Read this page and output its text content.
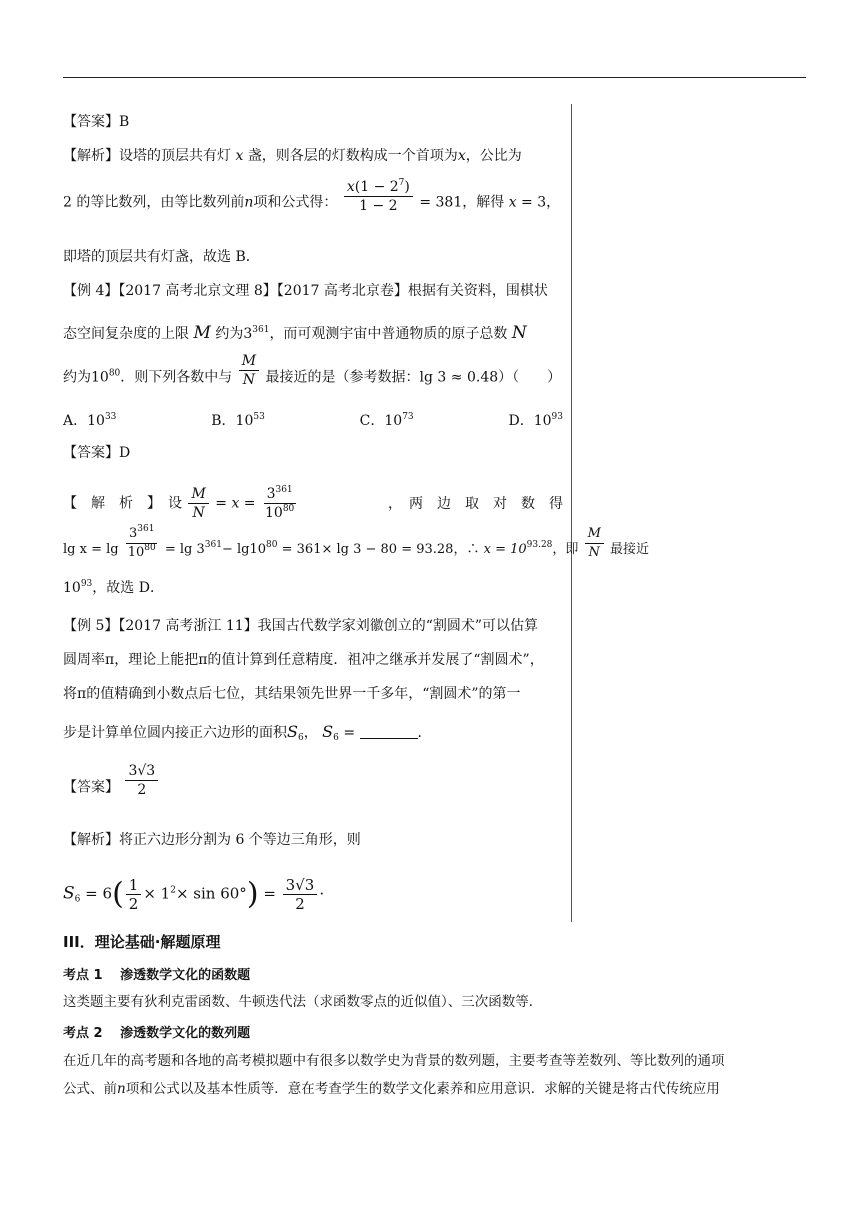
【答案】B
【解析】设塔的顶层共有灯 x 盏，则各层的灯数构成一个首项为x，公比为
2 的等比数列，由等比数列前n项和公式得： $\frac{x(1 - 2^7)}{1 - 2} = 381$，解得 x = 3，
即塔的顶层共有灯盏，故选 B．
【例 4】【2017 高考北京文理 8】【2017 高考北京卷】根据有关资料，围棋状
态空间复杂度的上限 M 约为$3^{361}$，而可观测宇宙中普通物质的原子总数 N
约为$10^{80}$．则下列各数中与 $\frac{M}{N}$ 最接近的是（参考数据：lg 3 ≈ 0.48）（　　）
A．$10^{33}$	B．$10^{53}$	C．$10^{73}$	D．$10^{93}$
【答案】D
【　解　析　】　设 $\frac{M}{N} = x = \frac{3^{361}}{10^{80}}$	，　两　边　取　对　数　得
$\lg x = \lg \frac{3^{361}}{10^{80}} = \lg 3^{361}- \lg 10^{80} = 361\times \lg 3 - 80 = 93.28$，∴ $x = 10^{93.28}$，即 $\frac{M}{N}$ 最接近
$10^{93}$，故选 D．
【例 5】【2017 高考浙江 11】我国古代数学家刘徽创立的“割圆术”可以估算
圆周率π，理论上能把π的值计算到任意精度．祖冲之继承并发展了“割圆术”，
将π的值精确到小数点后七位，其结果领先世界一千多年，“割圆术”的第一
步是计算单位圆内接正六边形的面积$S_6$， $S_6$ =	．
【答案】 $\frac{3√3}{2}$
【解析】将正六边形分割为 6 个等边三角形，则
$S_6 = 6( \frac{1}{2} \times 1^2\times \sin 60^\circ) = \frac{3√3}{2}$ ·
III．理论基础·解题原理
考点 1　 渗透数学文化的函数题
这类题主要有狄利克雷函数、牛顿迭代法（求函数零点的近似值）、三次函数等．
考点 2　 渗透数学文化的数列题
在近几年的高考题和各地的高考模拟题中有很多以数学史为背景的数列题，主要考查等差数列、等比数列的通项
公式、前n项和公式以及基本性质等．意在考查学生的数学文化素养和应用意识．求解的关键是将古代传统应用
